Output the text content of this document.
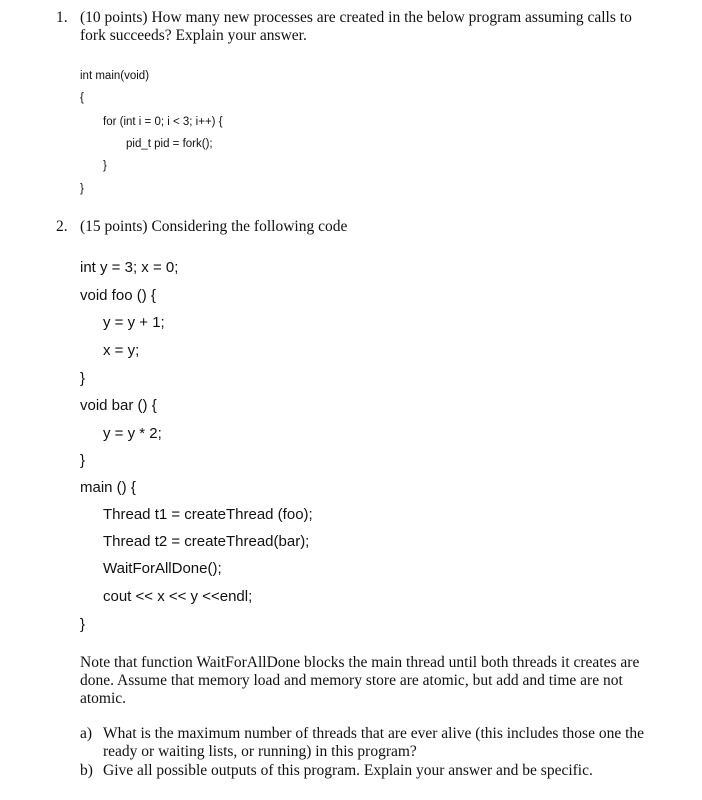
1. (10 points) How many new processes are created in the below program assuming calls to
fork succeeds? Explain your answer.
int main(void)
{
for (int i = 0; i < 3; i++) {
pid_t pid = fork();
}
}
2. (15 points) Considering the following code
int y = 3; x = 0;
void foo () {
y = y + 1;
x = y;
}
void bar () {
y = y * 2;
}
main () {
Thread t1 = createThread (foo);
Thread t2 = createThread(bar);
WaitForAllDone();
cout << x << y <<endl;
}
Note that function WaitForAllDone blocks the main thread until both threads it creates are
done. Assume that memory load and memory store are atomic, but add and time are not
atomic.
a) What is the maximum number of threads that are ever alive (this includes those one the
ready or waiting lists, or running) in this program?
b) Give all possible outputs of this program. Explain your answer and be specific.
